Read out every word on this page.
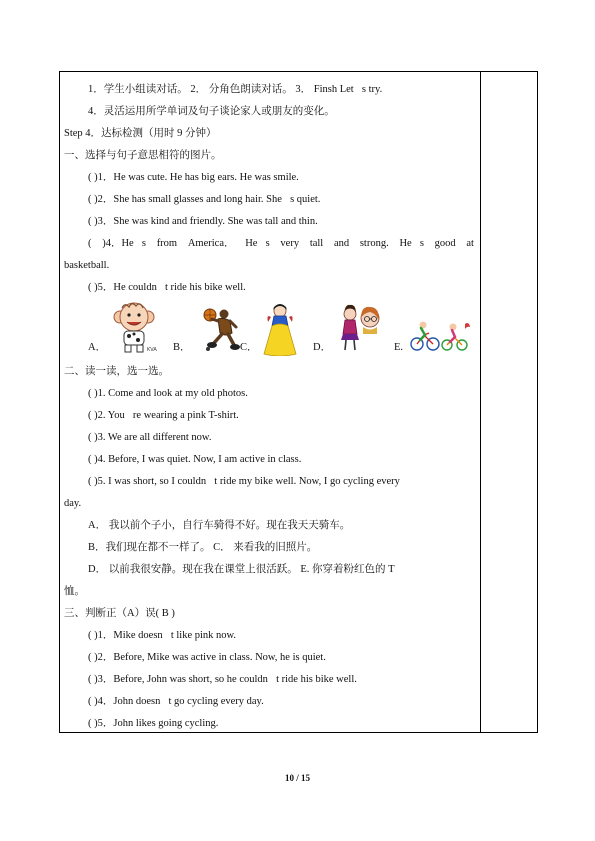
1．学生小组读对话。 2． 分角色朗读对话。 3． Finsh Let s try.
4．灵活运用所学单词及句子谈论家人或朋友的变化。
Step 4．达标检测（用时 9 分钟）
一、选择与句子意思相符的图片。
( )1．He was cute. He has big ears. He was smile.
( )2．She has small glasses and long hair. She s quiet.
( )3．She was kind and friendly. She was tall and thin.
( )4．He s from America． He s very tall and strong. He s good at
basketball.
( )5．He couldn t ride his bike well.
KVA
A．	B．	C．	D．	E.
二、读一读，选一选。
( )1. Come and look at my old photos.
( )2. You re wearing a pink T-shirt.
( )3. We are all different now.
( )4. Before, I was quiet. Now, I am active in class.
( )5. I was short, so I couldn t ride my bike well. Now, I go cycling every
day.
A． 我以前个子小，自行车骑得不好。现在我天天骑车。
B．我们现在都不一样了。 C． 来看我的旧照片。
D． 以前我很安静。现在我在课堂上很活跃。 E. 你穿着粉红色的 T
恤。
三、判断正（A）误( B )
( )1．Mike doesn t like pink now.
( )2．Before, Mike was active in class. Now, he is quiet.
( )3．Before, John was short, so he couldn t ride his bike well.
( )4．John doesn t go cycling every day.
( )5．John likes going cycling.
10 / 15
